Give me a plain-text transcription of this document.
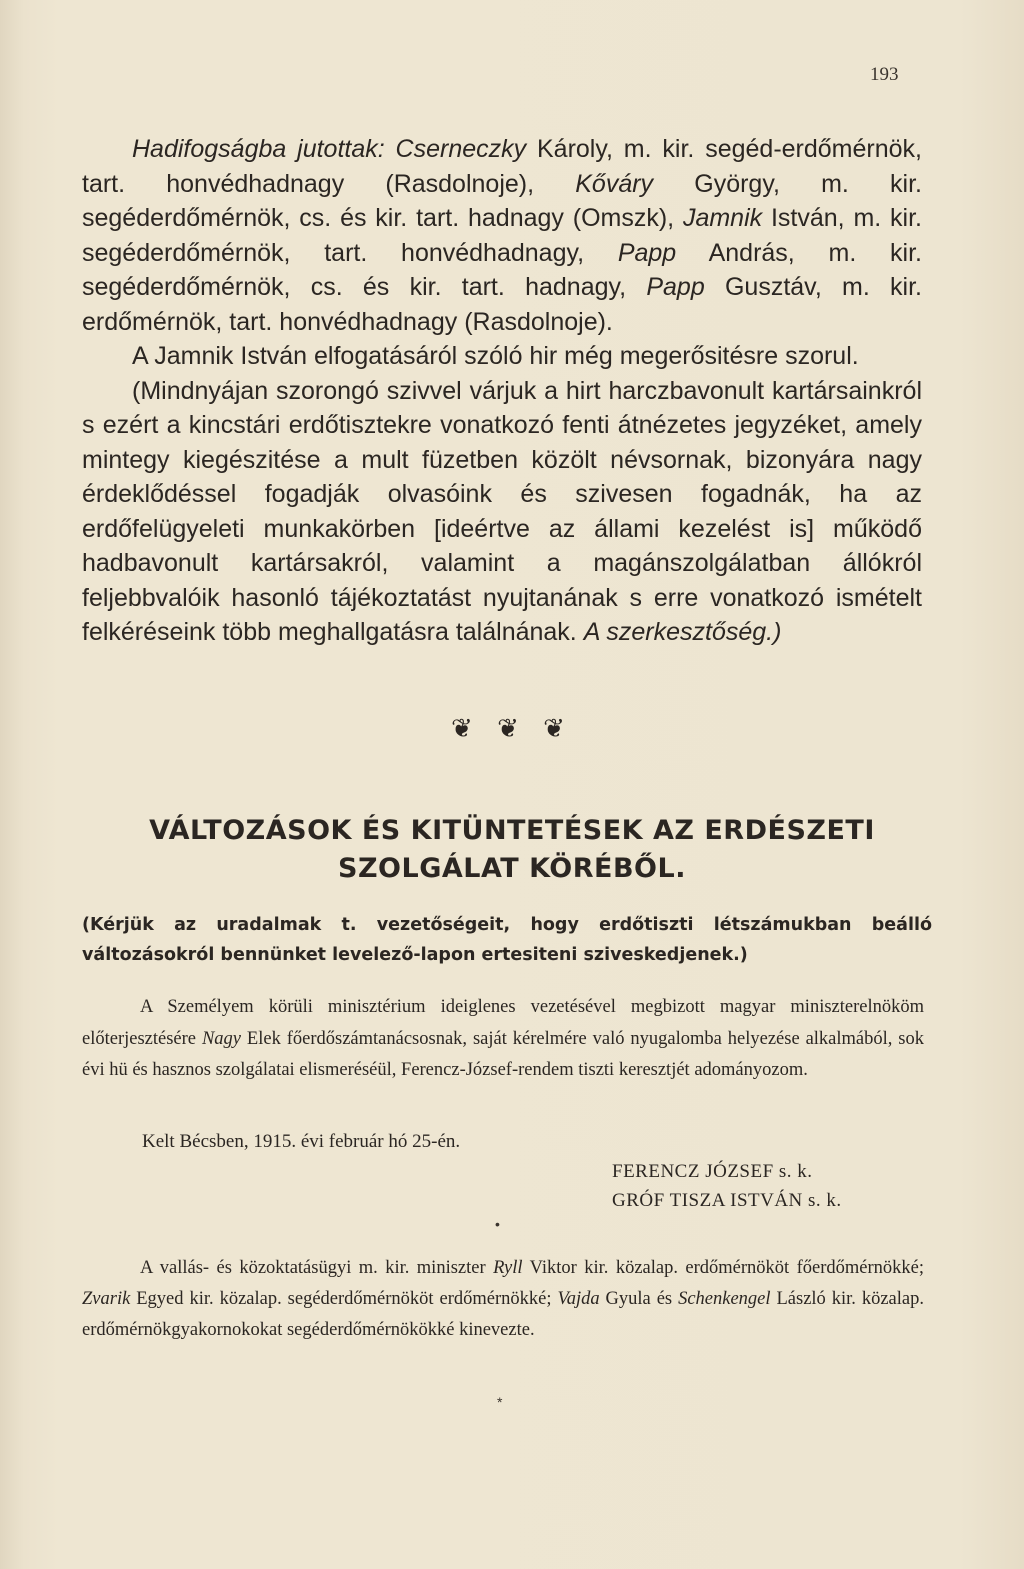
193

Hadifogságba jutottak: Cserneczky Károly, m. kir. segéd-erdőmérnök, tart. honvédhadnagy (Rasdolnoje), Kőváry György, m. kir. segéderdőmérnök, cs. és kir. tart. hadnagy (Omszk), Jamnik István, m. kir. segéderdőmérnök, tart. honvédhadnagy, Papp András, m. kir. segéderdőmérnök, cs. és kir. tart. hadnagy, Papp Gusztáv, m. kir. erdőmérnök, tart. honvédhadnagy (Rasdolnoje).

A Jamnik István elfogatásáról szóló hir még megerősitésre szorul.

(Mindnyájan szorongó szivvel várjuk a hirt harczbavonult kartársainkról s ezért a kincstári erdőtisztekre vonatkozó fenti átnézetes jegyzéket, amely mintegy kiegészitése a mult füzetben közölt névsornak, bizonyára nagy érdeklődéssel fogadják olvasóink és szivesen fogadnák, ha az erdőfelügyeleti munkakörben [ideértve az állami kezelést is] működő hadbavonult kartársakról, valamint a magánszolgálatban állókról feljebbvalóik hasonló tájékoztatást nyujtanának s erre vonatkozó ismételt felkéréseink több meghallgatásra találnának. A szerkesztőség.)

❦ ❦ ❦
VÁLTOZÁSOK ÉS KITÜNTETÉSEK AZ ERDÉSZETI
SZOLGÁLAT KÖRÉBŐL.
(Kérjük az uradalmak t. vezetőségeit, hogy erdőtiszti létszámukban beálló változásokról bennünket levelező-lapon ertesiteni sziveskedjenek.)

A Személyem körüli minisztérium ideiglenes vezetésével megbizott magyar miniszterelnököm előterjesztésére Nagy Elek főerdőszámtanácsosnak, saját kérelmére való nyugalomba helyezése alkalmából, sok évi hü és hasznos szolgálatai elismeréséül, Ferencz-József-rendem tiszti keresztjét adományozom.

Kelt Bécsben, 1915. évi február hó 25-én.
FERENCZ JÓZSEF s. k.
GRÓF TISZA ISTVÁN s. k.
•

A vallás- és közoktatásügyi m. kir. miniszter Ryll Viktor kir. közalap. erdőmérnököt főerdőmérnökké; Zvarik Egyed kir. közalap. segéderdőmérnököt erdőmérnökké; Vajda Gyula és Schenkengel László kir. közalap. erdőmérnökgyakornokokat segéderdőmérnökökké kinevezte.

*
